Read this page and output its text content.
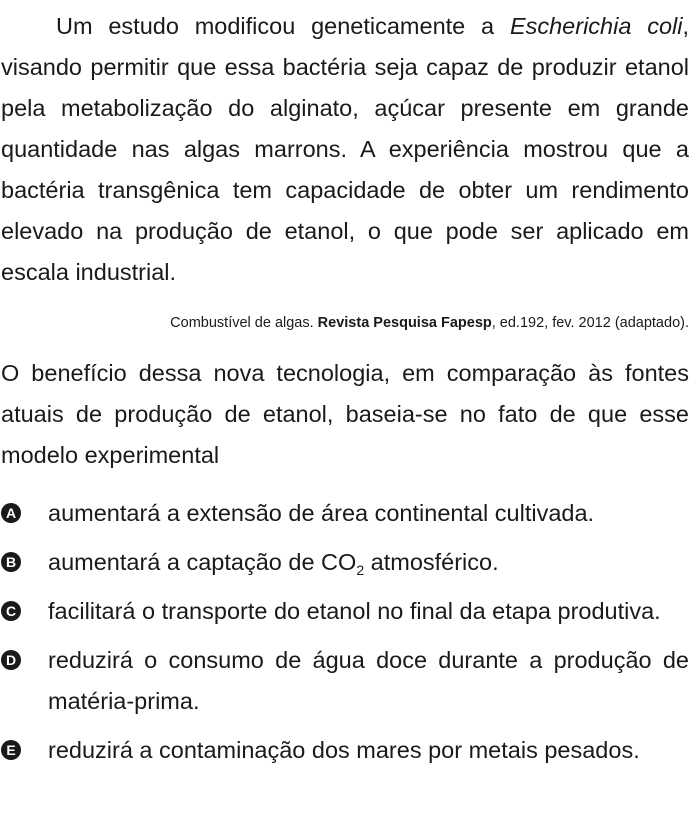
Um estudo modificou geneticamente a Escherichia coli, visando permitir que essa bactéria seja capaz de produzir etanol pela metabolização do alginato, açúcar presente em grande quantidade nas algas marrons. A experiência mostrou que a bactéria transgênica tem capacidade de obter um rendimento elevado na produção de etanol, o que pode ser aplicado em escala industrial.

Combustível de algas. Revista Pesquisa Fapesp, ed.192, fev. 2012 (adaptado).

O benefício dessa nova tecnologia, em comparação às fontes atuais de produção de etanol, baseia-se no fato de que esse modelo experimental

A aumentará a extensão de área continental cultivada.
B aumentará a captação de $CO_2$ atmosférico.
C facilitará o transporte do etanol no final da etapa produtiva.
D reduzirá o consumo de água doce durante a produção de matéria-prima.
E reduzirá a contaminação dos mares por metais pesados.
